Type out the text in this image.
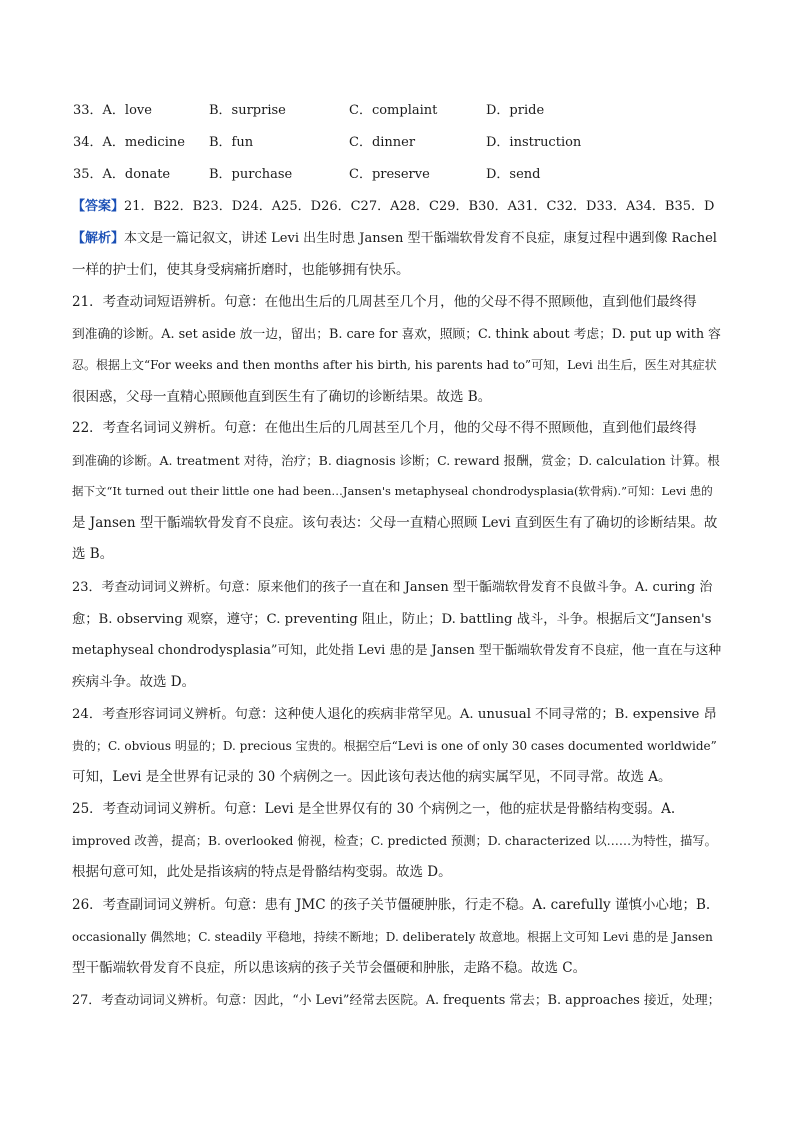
33．A．love	B．surprise	C．complaint	D．pride
34．A．medicine B．fun	C．dinner	D．instruction
35．A．donate	B．purchase	C．preserve	D．send
【答案】21．B22．B23．D24．A25．D26．C27．A28．C29．B30．A31．C32．D33．A34．B35．D
【解析】本文是一篇记叙文，讲述 Levi 出生时患 Jansen 型干骺端软骨发育不良症，康复过程中遇到像 Rachel
一样的护士们，使其身受病痛折磨时，也能够拥有快乐。
21．考查动词短语辨析。句意：在他出生后的几周甚至几个月，他的父母不得不照顾他，直到他们最终得
到准确的诊断。A. set aside 放一边，留出；B. care for 喜欢，照顾；C. think about 考虑；D. put up with 容
忍。根据上文“For weeks and then months after his birth, his parents had to”可知，Levi 出生后，医生对其症状
很困惑，父母一直精心照顾他直到医生有了确切的诊断结果。故选 B。
22．考查名词词义辨析。句意：在他出生后的几周甚至几个月，他的父母不得不照顾他，直到他们最终得
到准确的诊断。A. treatment 对待，治疗；B. diagnosis 诊断；C. reward 报酬，赏金；D. calculation 计算。根
据下文“It turned out their little one had been…Jansen's metaphyseal chondrodysplasia(软骨病).”可知：Levi 患的
是 Jansen 型干骺端软骨发育不良症。该句表达：父母一直精心照顾 Levi 直到医生有了确切的诊断结果。故
选 B。
23．考查动词词义辨析。句意：原来他们的孩子一直在和 Jansen 型干骺端软骨发育不良做斗争。A. curing 治
愈；B. observing 观察，遵守；C. preventing 阻止，防止；D. battling 战斗，斗争。根据后文“Jansen's
metaphyseal chondrodysplasia”可知，此处指 Levi 患的是 Jansen 型干骺端软骨发育不良症，他一直在与这种
疾病斗争。故选 D。
24．考查形容词词义辨析。句意：这种使人退化的疾病非常罕见。A. unusual 不同寻常的；B. expensive 昂
贵的；C. obvious 明显的；D. precious 宝贵的。根据空后“Levi is one of only 30 cases documented worldwide”
可知，Levi 是全世界有记录的 30 个病例之一。因此该句表达他的病实属罕见，不同寻常。故选 A。
25．考查动词词义辨析。句意：Levi 是全世界仅有的 30 个病例之一，他的症状是骨骼结构变弱。A.
improved 改善，提高；B. overlooked 俯视，检查；C. predicted 预测；D. characterized 以……为特性，描写。
根据句意可知，此处是指该病的特点是骨骼结构变弱。故选 D。
26．考查副词词义辨析。句意：患有 JMC 的孩子关节僵硬肿胀，行走不稳。A. carefully 谨慎小心地；B.
occasionally 偶然地；C. steadily 平稳地，持续不断地；D. deliberately 故意地。根据上文可知 Levi 患的是 Jansen
型干骺端软骨发育不良症，所以患该病的孩子关节会僵硬和肿胀，走路不稳。故选 C。
27．考查动词词义辨析。句意：因此，“小 Levi”经常去医院。A. frequents 常去；B. approaches 接近，处理；
